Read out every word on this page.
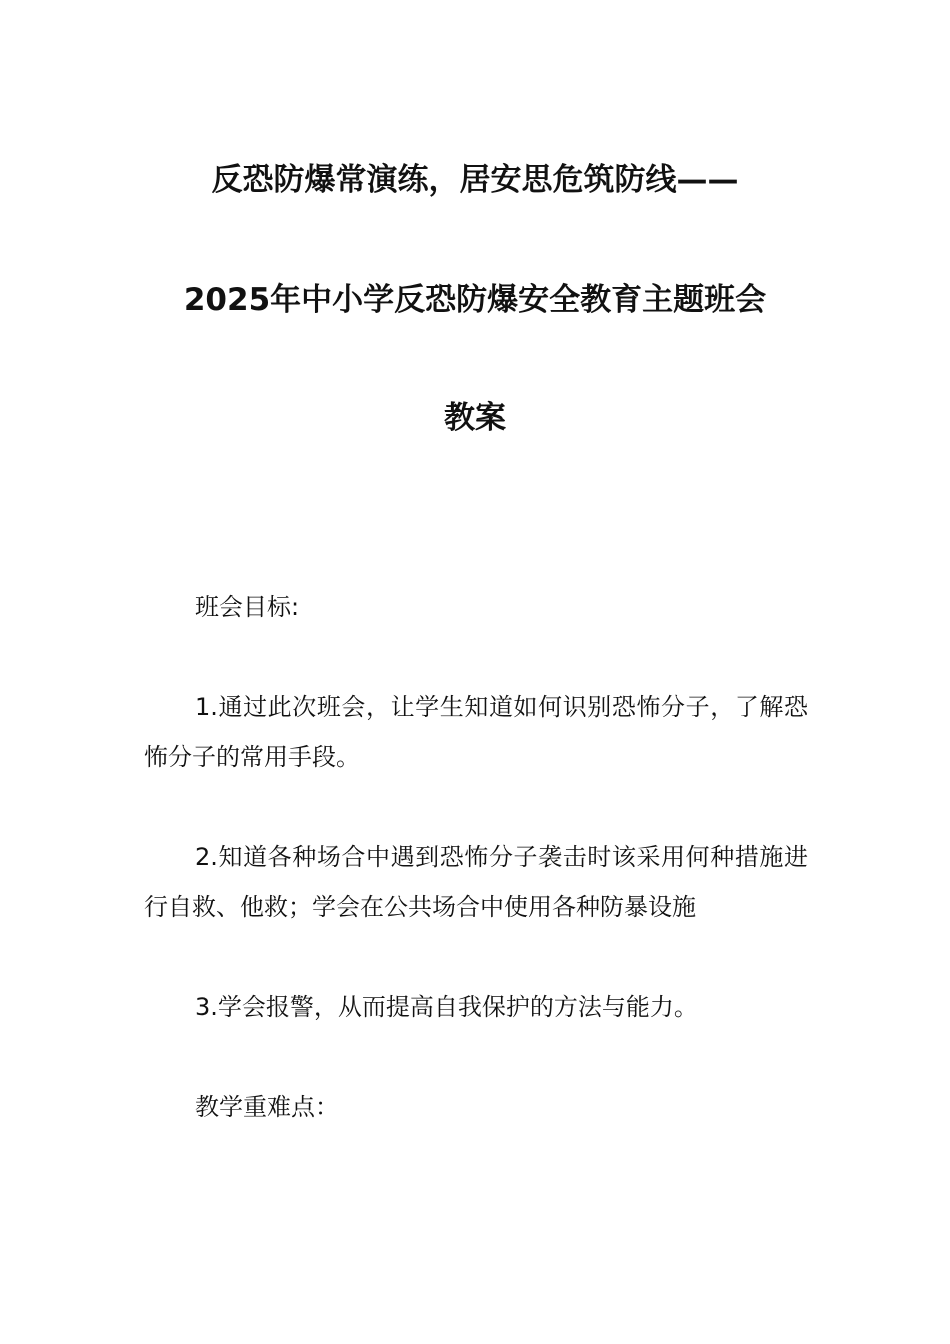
反恐防爆常演练，居安思危筑防线——
2025年中小学反恐防爆安全教育主题班会
教案
班会目标:
1.通过此次班会，让学生知道如何识别恐怖分子，了解恐怖分子的常用手段。
2.知道各种场合中遇到恐怖分子袭击时该采用何种措施进行自救、他救；学会在公共场合中使用各种防暴设施
3.学会报警，从而提高自我保护的方法与能力。
教学重难点：
